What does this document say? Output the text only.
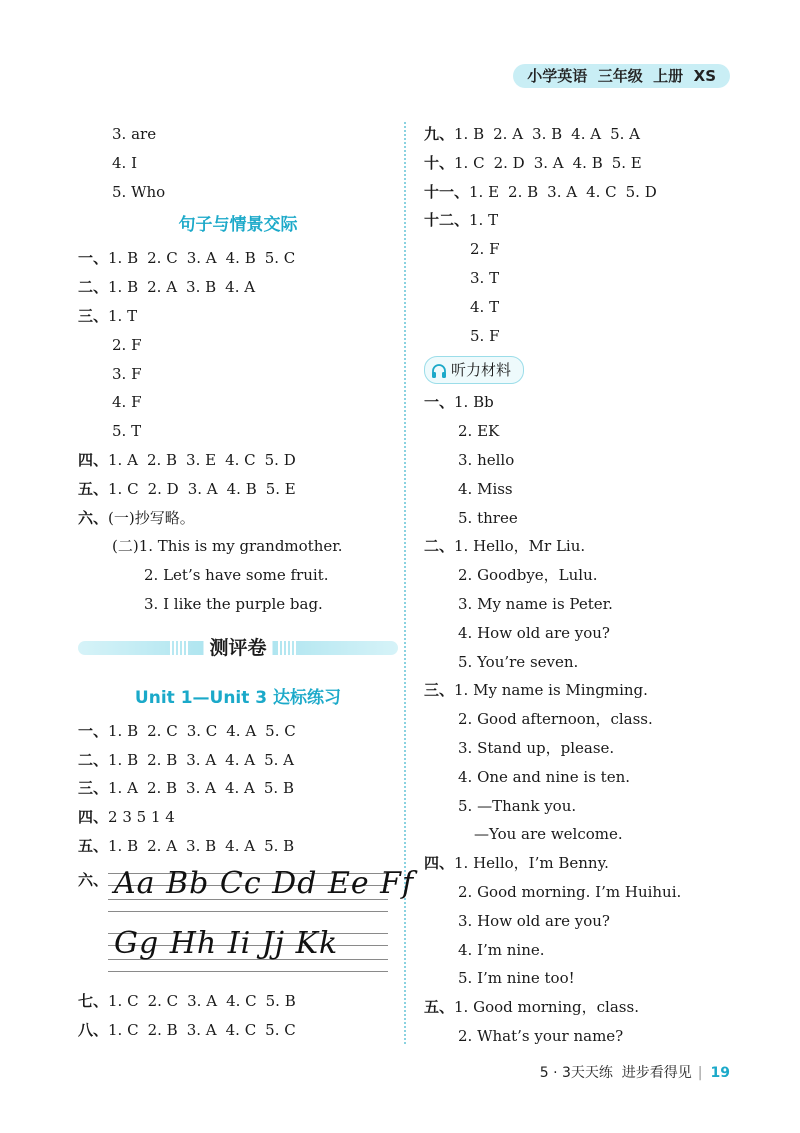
小学英语  三年级  上册  XS
3. are
4. I
5. Who
句子与情景交际
一、1. B 2. C 3. A 4. B 5. C
二、1. B 2. A 3. B 4. A
三、1. T
2. F
3. F
4. F
5. T
四、1. A 2. B 3. E 4. C 5. D
五、1. C 2. D 3. A 4. B 5. E
六、(一)抄写略。
(二)1. This is my grandmother.
2. Let’s have some fruit.
3. I like the purple bag.
测评卷
Unit 1—Unit 3 达标练习
一、1. B 2. C 3. C 4. A 5. C
二、1. B 2. B 3. A 4. A 5. A
三、1. A 2. B 3. A 4. A 5. B
四、2 3 5 1 4
五、1. B 2. A 3. B 4. A 5. B
六、 Aa Bb Cc Dd Ee Ff
Gg Hh Ii Jj Kk
七、1. C 2. C 3. A 4. C 5. B
八、1. C 2. B 3. A 4. C 5. C
九、1. B 2. A 3. B 4. A 5. A
十、1. C 2. D 3. A 4. B 5. E
十一、1. E 2. B 3. A 4. C 5. D
十二、1. T
2. F
3. T
4. T
5. F
听力材料
一、1. Bb
2. EK
3. hello
4. Miss
5. three
二、1. Hello，Mr Liu.
2. Goodbye，Lulu.
3. My name is Peter.
4. How old are you?
5. You’re seven.
三、1. My name is Mingming.
2. Good afternoon，class.
3. Stand up，please.
4. One and nine is ten.
5. —Thank you.
—You are welcome.
四、1. Hello，I’m Benny.
2. Good morning. I’m Huihui.
3. How old are you?
4. I’m nine.
5. I’m nine too!
五、1. Good morning，class.
2. What’s your name?
5 · 3天天练  进步看得见 | 19
